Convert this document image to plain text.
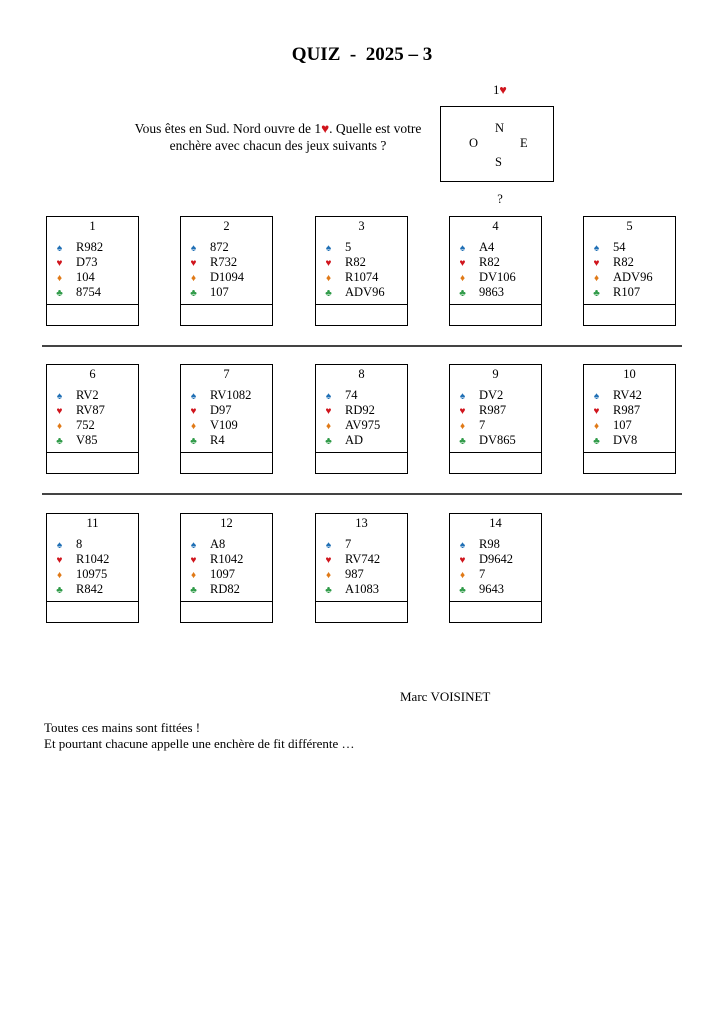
QUIZ  -  2025 – 3
Vous êtes en Sud. Nord ouvre de 1♥. Quelle est votre enchère avec chacun des jeux suivants ?
1♥
N
O	E
S
?
1
♠ R982
♥ D73
♦ 104
♣ 8754
2
♠ 872
♥ R732
♦ D1094
♣ 107
3
♠ 5
♥ R82
♦ R1074
♣ ADV96
4
♠ A4
♥ R82
♦ DV106
♣ 9863
5
♠ 54
♥ R82
♦ ADV96
♣ R107
6
♠ RV2
♥ RV87
♦ 752
♣ V85
7
♠ RV1082
♥ D97
♦ V109
♣ R4
8
♠ 74
♥ RD92
♦ AV975
♣ AD
9
♠ DV2
♥ R987
♦ 7
♣ DV865
10
♠ RV42
♥ R987
♦ 107
♣ DV8
11
♠ 8
♥ R1042
♦ 10975
♣ R842
12
♠ A8
♥ R1042
♦ 1097
♣ RD82
13
♠ 7
♥ RV742
♦ 987
♣ A1083
14
♠ R98
♥ D9642
♦ 7
♣ 9643
Marc VOISINET
Toutes ces mains sont fittées !
Et pourtant chacune appelle une enchère de fit différente …
